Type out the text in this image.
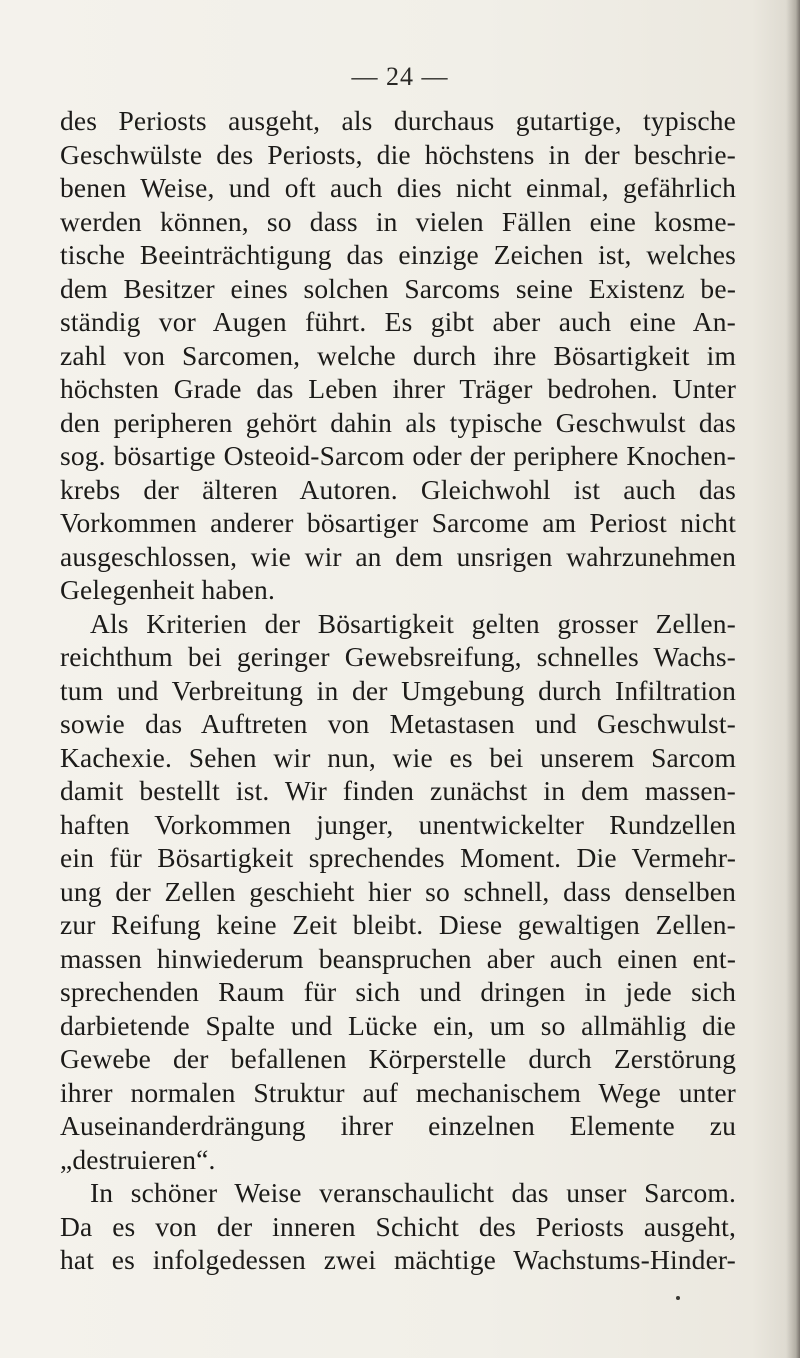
— 24 —
des Periosts ausgeht, als durchaus gutartige, typische
Geschwülste des Periosts, die höchstens in der beschrie-
benen Weise, und oft auch dies nicht einmal, gefährlich
werden können, so dass in vielen Fällen eine kosme-
tische Beeinträchtigung das einzige Zeichen ist, welches
dem Besitzer eines solchen Sarcoms seine Existenz be-
ständig vor Augen führt. Es gibt aber auch eine An-
zahl von Sarcomen, welche durch ihre Bösartigkeit im
höchsten Grade das Leben ihrer Träger bedrohen. Unter
den peripheren gehört dahin als typische Geschwulst das
sog. bösartige Osteoid-Sarcom oder der periphere Knochen-
krebs der älteren Autoren. Gleichwohl ist auch das
Vorkommen anderer bösartiger Sarcome am Periost nicht
ausgeschlossen, wie wir an dem unsrigen wahrzunehmen
Gelegenheit haben.
Als Kriterien der Bösartigkeit gelten grosser Zellen-
reichthum bei geringer Gewebsreifung, schnelles Wachs-
tum und Verbreitung in der Umgebung durch Infiltration
sowie das Auftreten von Metastasen und Geschwulst-
Kachexie. Sehen wir nun, wie es bei unserem Sarcom
damit bestellt ist. Wir finden zunächst in dem massen-
haften Vorkommen junger, unentwickelter Rundzellen
ein für Bösartigkeit sprechendes Moment. Die Vermehr-
ung der Zellen geschieht hier so schnell, dass denselben
zur Reifung keine Zeit bleibt. Diese gewaltigen Zellen-
massen hinwiederum beanspruchen aber auch einen ent-
sprechenden Raum für sich und dringen in jede sich
darbietende Spalte und Lücke ein, um so allmählig die
Gewebe der befallenen Körperstelle durch Zerstörung
ihrer normalen Struktur auf mechanischem Wege unter
Auseinanderdrängung ihrer einzelnen Elemente zu
„destruieren“.
In schöner Weise veranschaulicht das unser Sarcom.
Da es von der inneren Schicht des Periosts ausgeht,
hat es infolgedessen zwei mächtige Wachstums-Hinder-
